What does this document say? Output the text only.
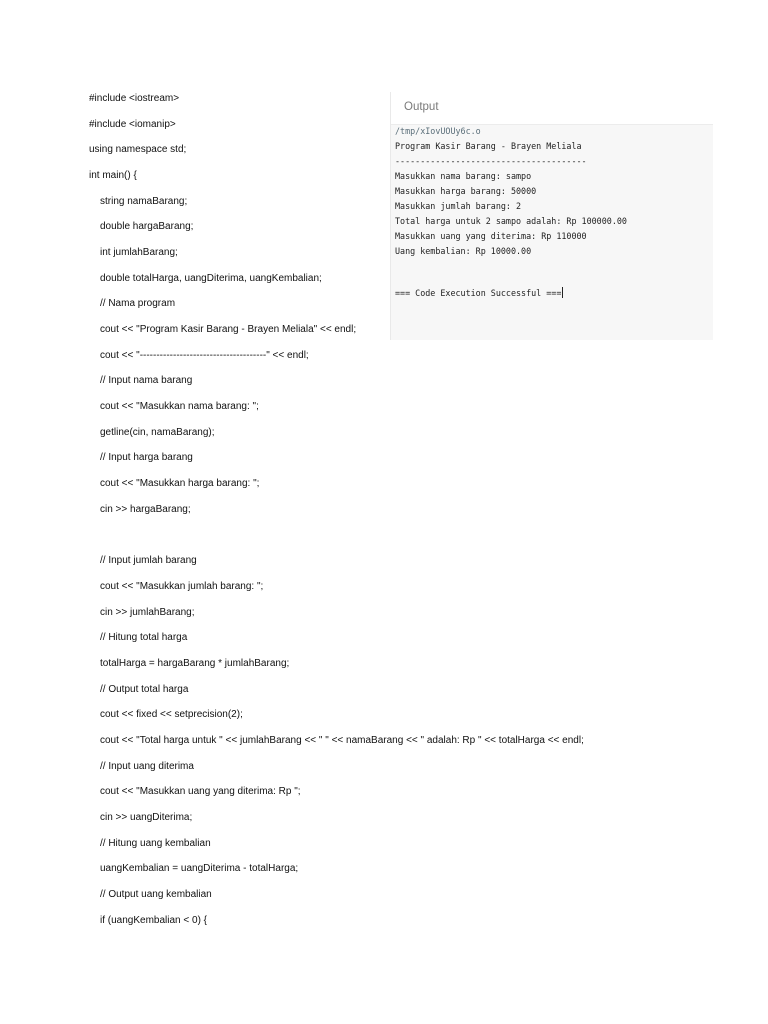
#include <iostream>
#include <iomanip>
using namespace std;
int main() {
string namaBarang;
double hargaBarang;
int jumlahBarang;
double totalHarga, uangDiterima, uangKembalian;
// Nama program
cout << "Program Kasir Barang - Brayen Meliala" << endl;
cout << "--------------------------------------" << endl;
// Input nama barang
cout << "Masukkan nama barang: ";
getline(cin, namaBarang);
// Input harga barang
cout << "Masukkan harga barang: ";
cin >> hargaBarang;
// Input jumlah barang
cout << "Masukkan jumlah barang: ";
cin >> jumlahBarang;
// Hitung total harga
totalHarga = hargaBarang * jumlahBarang;
// Output total harga
cout << fixed << setprecision(2);
cout << "Total harga untuk " << jumlahBarang << " " << namaBarang << " adalah: Rp " << totalHarga << endl;
// Input uang diterima
cout << "Masukkan uang yang diterima: Rp ";
cin >> uangDiterima;
// Hitung uang kembalian
uangKembalian = uangDiterima - totalHarga;
// Output uang kembalian
if (uangKembalian < 0) {
Output
/tmp/xIovUOUy6c.o
Program Kasir Barang - Brayen Meliala
--------------------------------------
Masukkan nama barang: sampo
Masukkan harga barang: 50000
Masukkan jumlah barang: 2
Total harga untuk 2 sampo adalah: Rp 100000.00
Masukkan uang yang diterima: Rp 110000
Uang kembalian: Rp 10000.00
=== Code Execution Successful ===
